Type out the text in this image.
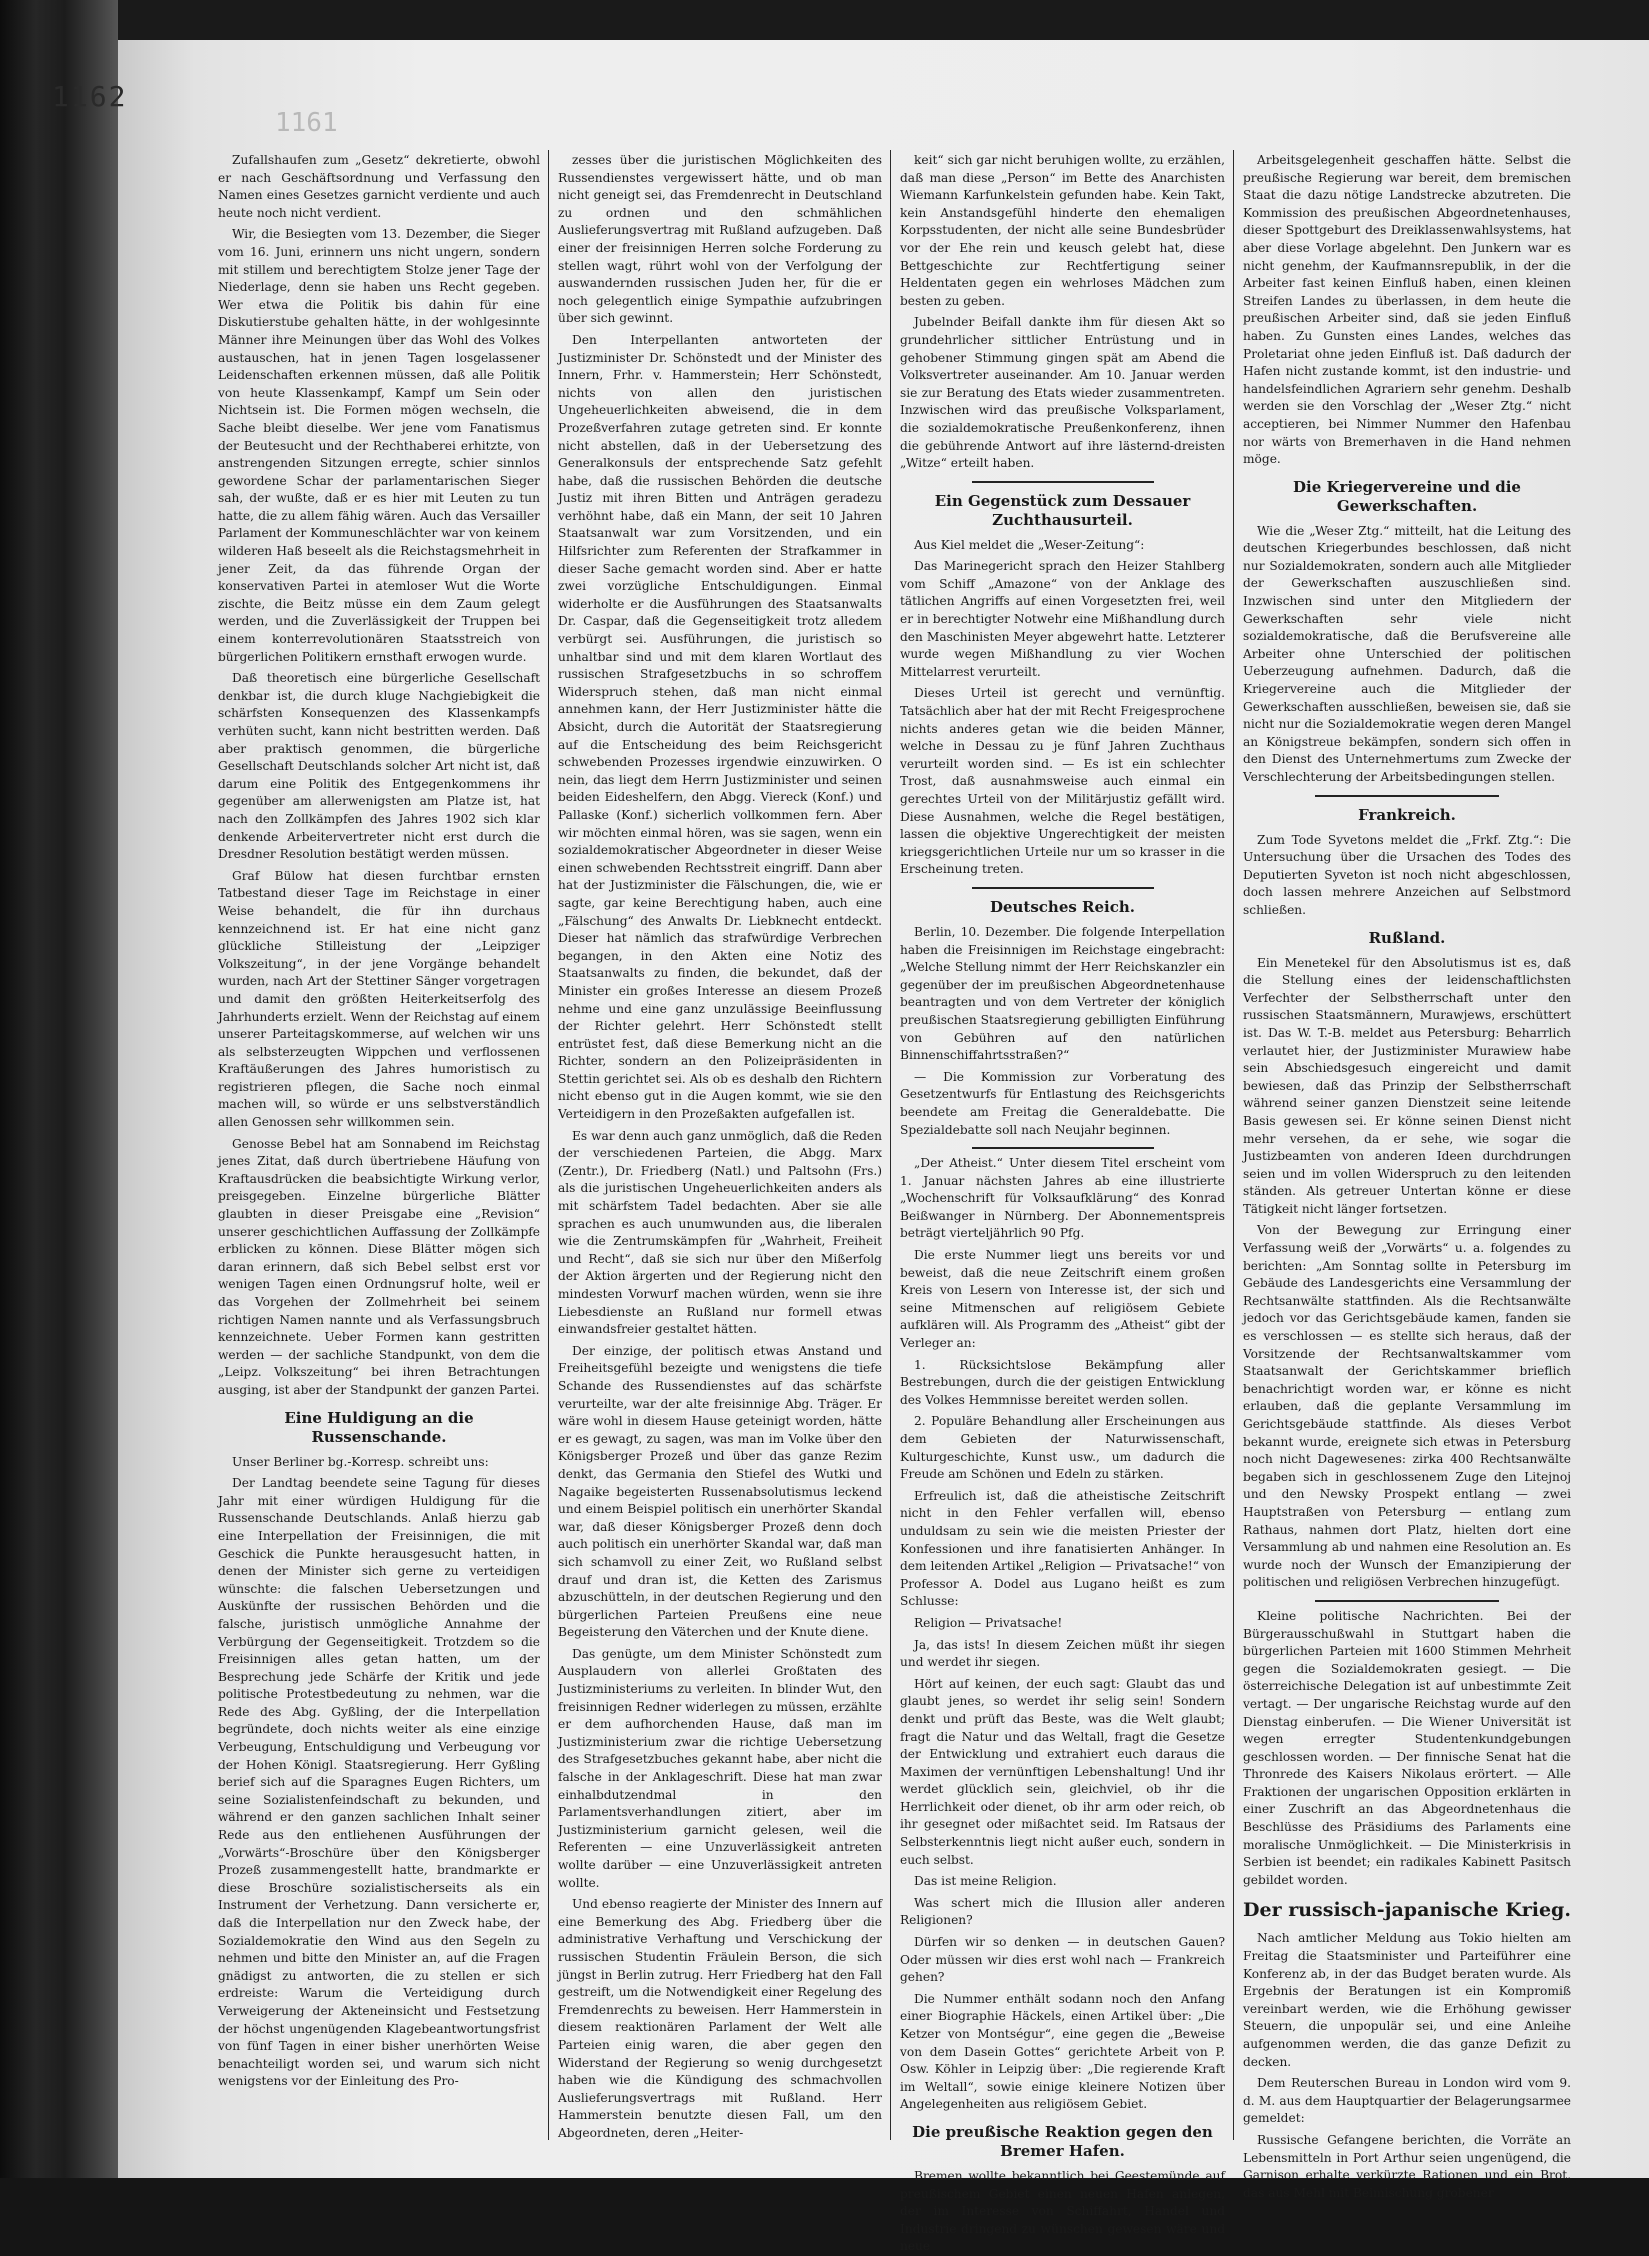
1162
1161

Zufallshaufen zum „Gesetz“ dekretierte, obwohl er nach Geschäftsordnung und Verfassung den Namen eines Gesetzes garnicht verdiente und auch heute noch nicht verdient.

Wir, die Besiegten vom 13. Dezember, die Sieger vom 16. Juni, erinnern uns nicht ungern, sondern mit stillem und berechtigtem Stolze jener Tage der Niederlage, denn sie haben uns Recht gegeben. Wer etwa die Politik bis dahin für eine Diskutierstube gehalten hätte, in der wohlgesinnte Männer ihre Meinungen über das Wohl des Volkes austauschen, hat in jenen Tagen losgelassener Leidenschaften erkennen müssen, daß alle Politik von heute Klassenkampf, Kampf um Sein oder Nichtsein ist. Die Formen mögen wechseln, die Sache bleibt dieselbe. Wer jene vom Fanatismus der Beutesucht und der Rechthaberei erhitzte, von anstrengenden Sitzungen erregte, schier sinnlos gewordene Schar der parlamentarischen Sieger sah, der wußte, daß er es hier mit Leuten zu tun hatte, die zu allem fähig wären. Auch das Versailler Parlament der Kommuneschlächter war von keinem wilderen Haß beseelt als die Reichstagsmehrheit in jener Zeit, da das führende Organ der konservativen Partei in atemloser Wut die Worte zischte, die Beitz müsse ein dem Zaum gelegt werden, und die Zuverlässigkeit der Truppen bei einem konterrevolutionären Staatsstreich von bürgerlichen Politikern ernsthaft erwogen wurde.

Daß theoretisch eine bürgerliche Gesellschaft denkbar ist, die durch kluge Nachgiebigkeit die schärfsten Konsequenzen des Klassenkampfs verhüten sucht, kann nicht bestritten werden. Daß aber praktisch genommen, die bürgerliche Gesellschaft Deutschlands solcher Art nicht ist, daß darum eine Politik des Entgegenkommens ihr gegenüber am allerwenigsten am Platze ist, hat nach den Zollkämpfen des Jahres 1902 sich klar denkende Arbeitervertreter nicht erst durch die Dresdner Resolution bestätigt werden müssen.

Graf Bülow hat diesen furchtbar ernsten Tatbestand dieser Tage im Reichstage in einer Weise behandelt, die für ihn durchaus kennzeichnend ist. Er hat eine nicht ganz glückliche Stilleistung der „Leipziger Volkszeitung“, in der jene Vorgänge behandelt wurden, nach Art der Stettiner Sänger vorgetragen und damit den größten Heiterkeitserfolg des Jahrhunderts erzielt. Wenn der Reichstag auf einem unserer Parteitagskommerse, auf welchen wir uns als selbsterzeugten Wippchen und verflossenen Kraftäußerungen des Jahres humoristisch zu registrieren pflegen, die Sache noch einmal machen will, so würde er uns selbstverständlich allen Genossen sehr willkommen sein.

Genosse Bebel hat am Sonnabend im Reichstag jenes Zitat, daß durch übertriebene Häufung von Kraftausdrücken die beabsichtigte Wirkung verlor, preisgegeben. Einzelne bürgerliche Blätter glaubten in dieser Preisgabe eine „Revision“ unserer geschichtlichen Auffassung der Zollkämpfe erblicken zu können. Diese Blätter mögen sich daran erinnern, daß sich Bebel selbst erst vor wenigen Tagen einen Ordnungsruf holte, weil er das Vorgehen der Zollmehrheit bei seinem richtigen Namen nannte und als Verfassungsbruch kennzeichnete. Ueber Formen kann gestritten werden — der sachliche Standpunkt, von dem die „Leipz. Volkszeitung“ bei ihren Betrachtungen ausging, ist aber der Standpunkt der ganzen Partei.

Eine Huldigung an die Russenschande.

Unser Berliner bg.-Korresp. schreibt uns:

Der Landtag beendete seine Tagung für dieses Jahr mit einer würdigen Huldigung für die Russenschande Deutschlands. Anlaß hierzu gab eine Interpellation der Freisinnigen, die mit Geschick die Punkte herausgesucht hatten, in denen der Minister sich gerne zu verteidigen wünschte: die falschen Uebersetzungen und Auskünfte der russischen Behörden und die falsche, juristisch unmögliche Annahme der Verbürgung der Gegenseitigkeit. Trotzdem so die Freisinnigen alles getan hatten, um der Besprechung jede Schärfe der Kritik und jede politische Protestbedeutung zu nehmen, war die Rede des Abg. Gyßling, der die Interpellation begründete, doch nichts weiter als eine einzige Verbeugung, Entschuldigung und Verbeugung vor der Hohen Königl. Staatsregierung. Herr Gyßling berief sich auf die Sparagnes Eugen Richters, um seine Sozialistenfeindschaft zu bekunden, und während er den ganzen sachlichen Inhalt seiner Rede aus den entliehenen Ausführungen der „Vorwärts“-Broschüre über den Königsberger Prozeß zusammengestellt hatte, brandmarkte er diese Broschüre sozialistischerseits als ein Instrument der Verhetzung. Dann versicherte er, daß die Interpellation nur den Zweck habe, der Sozialdemokratie den Wind aus den Segeln zu nehmen und bitte den Minister an, auf die Fragen gnädigst zu antworten, die zu stellen er sich erdreiste: Warum die Verteidigung durch Verweigerung der Akteneinsicht und Festsetzung der höchst ungenügenden Klagebeantwortungsfrist von fünf Tagen in einer bisher unerhörten Weise benachteiligt worden sei, und warum sich nicht wenigstens vor der Einleitung des Pro-

zesses über die juristischen Möglichkeiten des Russendienstes vergewissert hätte, und ob man nicht geneigt sei, das Fremdenrecht in Deutschland zu ordnen und den schmählichen Auslieferungsvertrag mit Rußland aufzugeben. Daß einer der freisinnigen Herren solche Forderung zu stellen wagt, rührt wohl von der Verfolgung der auswandernden russischen Juden her, für die er noch gelegentlich einige Sympathie aufzubringen über sich gewinnt.

Den Interpellanten antworteten der Justizminister Dr. Schönstedt und der Minister des Innern, Frhr. v. Hammerstein; Herr Schönstedt, nichts von allen den juristischen Ungeheuerlichkeiten abweisend, die in dem Prozeßverfahren zutage getreten sind. Er konnte nicht abstellen, daß in der Uebersetzung des Generalkonsuls der entsprechende Satz gefehlt habe, daß die russischen Behörden die deutsche Justiz mit ihren Bitten und Anträgen geradezu verhöhnt habe, daß ein Mann, der seit 10 Jahren Staatsanwalt war zum Vorsitzenden, und ein Hilfsrichter zum Referenten der Strafkammer in dieser Sache gemacht worden sind. Aber er hatte zwei vorzügliche Entschuldigungen. Einmal widerholte er die Ausführungen des Staatsanwalts Dr. Caspar, daß die Gegenseitigkeit trotz alledem verbürgt sei. Ausführungen, die juristisch so unhaltbar sind und mit dem klaren Wortlaut des russischen Strafgesetzbuchs in so schroffem Widerspruch stehen, daß man nicht einmal annehmen kann, der Herr Justizminister hätte die Absicht, durch die Autorität der Staatsregierung auf die Entscheidung des beim Reichsgericht schwebenden Prozesses irgendwie einzuwirken. O nein, das liegt dem Herrn Justizminister und seinen beiden Eideshelfern, den Abgg. Viereck (Konf.) und Pallaske (Konf.) sicherlich vollkommen fern. Aber wir möchten einmal hören, was sie sagen, wenn ein sozialdemokratischer Abgeordneter in dieser Weise einen schwebenden Rechtsstreit eingriff. Dann aber hat der Justizminister die Fälschungen, die, wie er sagte, gar keine Berechtigung haben, auch eine „Fälschung“ des Anwalts Dr. Liebknecht entdeckt. Dieser hat nämlich das strafwürdige Verbrechen begangen, in den Akten eine Notiz des Staatsanwalts zu finden, die bekundet, daß der Minister ein großes Interesse an diesem Prozeß nehme und eine ganz unzulässige Beeinflussung der Richter gelehrt. Herr Schönstedt stellt entrüstet fest, daß diese Bemerkung nicht an die Richter, sondern an den Polizeipräsidenten in Stettin gerichtet sei. Als ob es deshalb den Richtern nicht ebenso gut in die Augen kommt, wie sie den Verteidigern in den Prozeßakten aufgefallen ist.

Es war denn auch ganz unmöglich, daß die Reden der verschiedenen Parteien, die Abgg. Marx (Zentr.), Dr. Friedberg (Natl.) und Paltsohn (Frs.) als die juristischen Ungeheuerlichkeiten anders als mit schärfstem Tadel bedachten. Aber sie alle sprachen es auch unumwunden aus, die liberalen wie die Zentrumskämpfen für „Wahrheit, Freiheit und Recht“, daß sie sich nur über den Mißerfolg der Aktion ärgerten und der Regierung nicht den mindesten Vorwurf machen würden, wenn sie ihre Liebesdienste an Rußland nur formell etwas einwandsfreier gestaltet hätten.

Der einzige, der politisch etwas Anstand und Freiheitsgefühl bezeigte und wenigstens die tiefe Schande des Russendienstes auf das schärfste verurteilte, war der alte freisinnige Abg. Träger. Er wäre wohl in diesem Hause geteinigt worden, hätte er es gewagt, zu sagen, was man im Volke über den Königsberger Prozeß und über das ganze Rezim denkt, das Germania den Stiefel des Wutki und Nagaike begeisterten Russenabsolutismus leckend und einem Beispiel politisch ein unerhörter Skandal war, daß dieser Königsberger Prozeß denn doch auch politisch ein unerhörter Skandal war, daß man sich schamvoll zu einer Zeit, wo Rußland selbst drauf und dran ist, die Ketten des Zarismus abzuschütteln, in der deutschen Regierung und den bürgerlichen Parteien Preußens eine neue Begeisterung den Väterchen und der Knute diene.

Das genügte, um dem Minister Schönstedt zum Ausplaudern von allerlei Großtaten des Justizministeriums zu verleiten. In blinder Wut, den freisinnigen Redner widerlegen zu müssen, erzählte er dem aufhorchenden Hause, daß man im Justizministerium zwar die richtige Uebersetzung des Strafgesetzbuches gekannt habe, aber nicht die falsche in der Anklageschrift. Diese hat man zwar einhalbdutzendmal in den Parlamentsverhandlungen zitiert, aber im Justizministerium garnicht gelesen, weil die Referenten — eine Unzuverlässigkeit antreten wollte darüber — eine Unzuverlässigkeit antreten wollte.

Und ebenso reagierte der Minister des Innern auf eine Bemerkung des Abg. Friedberg über die administrative Verhaftung und Verschickung der russischen Studentin Fräulein Berson, die sich jüngst in Berlin zutrug. Herr Friedberg hat den Fall gestreift, um die Notwendigkeit einer Regelung des Fremdenrechts zu beweisen. Herr Hammerstein in diesem reaktionären Parlament der Welt alle Parteien einig waren, die aber gegen den Widerstand der Regierung so wenig durchgesetzt haben wie die Kündigung des schmachvollen Auslieferungsvertrags mit Rußland. Herr Hammerstein benutzte diesen Fall, um den Abgeordneten, deren „Heiter-

keit“ sich gar nicht beruhigen wollte, zu erzählen, daß man diese „Person“ im Bette des Anarchisten Wiemann Karfunkelstein gefunden habe. Kein Takt, kein Anstandsgefühl hinderte den ehemaligen Korpsstudenten, der nicht alle seine Bundesbrüder vor der Ehe rein und keusch gelebt hat, diese Bettgeschichte zur Rechtfertigung seiner Heldentaten gegen ein wehrloses Mädchen zum besten zu geben.

Jubelnder Beifall dankte ihm für diesen Akt so grundehrlicher sittlicher Entrüstung und in gehobener Stimmung gingen spät am Abend die Volksvertreter auseinander. Am 10. Januar werden sie zur Beratung des Etats wieder zusammentreten. Inzwischen wird das preußische Volksparlament, die sozialdemokratische Preußenkonferenz, ihnen die gebührende Antwort auf ihre lästernd-dreisten „Witze“ erteilt haben.

Ein Gegenstück zum Dessauer Zuchthausurteil.

Aus Kiel meldet die „Weser-Zeitung“:

Das Marinegericht sprach den Heizer Stahlberg vom Schiff „Amazone“ von der Anklage des tätlichen Angriffs auf einen Vorgesetzten frei, weil er in berechtigter Notwehr eine Mißhandlung durch den Maschinisten Meyer abgewehrt hatte. Letzterer wurde wegen Mißhandlung zu vier Wochen Mittelarrest verurteilt.

Dieses Urteil ist gerecht und vernünftig. Tatsächlich aber hat der mit Recht Freigesprochene nichts anderes getan wie die beiden Männer, welche in Dessau zu je fünf Jahren Zuchthaus verurteilt worden sind. — Es ist ein schlechter Trost, daß ausnahmsweise auch einmal ein gerechtes Urteil von der Militärjustiz gefällt wird. Diese Ausnahmen, welche die Regel bestätigen, lassen die objektive Ungerechtigkeit der meisten kriegsgerichtlichen Urteile nur um so krasser in die Erscheinung treten.

Deutsches Reich.

Berlin, 10. Dezember. Die folgende Interpellation haben die Freisinnigen im Reichstage eingebracht: „Welche Stellung nimmt der Herr Reichskanzler ein gegenüber der im preußischen Abgeordnetenhause beantragten und von dem Vertreter der königlich preußischen Staatsregierung gebilligten Einführung von Gebühren auf den natürlichen Binnenschiffahrtsstraßen?“

— Die Kommission zur Vorberatung des Gesetzentwurfs für Entlastung des Reichsgerichts beendete am Freitag die Generaldebatte. Die Spezialdebatte soll nach Neujahr beginnen.

„Der Atheist.“ Unter diesem Titel erscheint vom 1. Januar nächsten Jahres ab eine illustrierte „Wochenschrift für Volksaufklärung“ des Konrad Beißwanger in Nürnberg. Der Abonnementspreis beträgt vierteljährlich 90 Pfg.

Die erste Nummer liegt uns bereits vor und beweist, daß die neue Zeitschrift einem großen Kreis von Lesern von Interesse ist, der sich und seine Mitmenschen auf religiösem Gebiete aufklären will. Als Programm des „Atheist“ gibt der Verleger an:

1. Rücksichtslose Bekämpfung aller Bestrebungen, durch die der geistigen Entwicklung des Volkes Hemmnisse bereitet werden sollen.

2. Populäre Behandlung aller Erscheinungen aus dem Gebieten der Naturwissenschaft, Kulturgeschichte, Kunst usw., um dadurch die Freude am Schönen und Edeln zu stärken.

Erfreulich ist, daß die atheistische Zeitschrift nicht in den Fehler verfallen will, ebenso unduldsam zu sein wie die meisten Priester der Konfessionen und ihre fanatisierten Anhänger. In dem leitenden Artikel „Religion — Privatsache!“ von Professor A. Dodel aus Lugano heißt es zum Schlusse:

Religion — Privatsache!

Ja, das ists! In diesem Zeichen müßt ihr siegen und werdet ihr siegen.

Hört auf keinen, der euch sagt: Glaubt das und glaubt jenes, so werdet ihr selig sein! Sondern denkt und prüft das Beste, was die Welt glaubt; fragt die Natur und das Weltall, fragt die Gesetze der Entwicklung und extrahiert euch daraus die Maximen der vernünftigen Lebenshaltung! Und ihr werdet glücklich sein, gleichviel, ob ihr die Herrlichkeit oder dienet, ob ihr arm oder reich, ob ihr gesegnet oder mißachtet seid. Im Ratsaus der Selbsterkenntnis liegt nicht außer euch, sondern in euch selbst.

Das ist meine Religion.

Was schert mich die Illusion aller anderen Religionen?

Dürfen wir so denken — in deutschen Gauen? Oder müssen wir dies erst wohl nach — Frankreich gehen?

Die Nummer enthält sodann noch den Anfang einer Biographie Häckels, einen Artikel über: „Die Ketzer von Montségur“, eine gegen die „Beweise von dem Dasein Gottes“ gerichtete Arbeit von P. Osw. Köhler in Leipzig über: „Die regierende Kraft im Weltall“, sowie einige kleinere Notizen über Angelegenheiten aus religiösem Gebiet.

Die preußische Reaktion gegen den Bremer Hafen.

Bremen wollte bekanntlich bei Geestemünde auf preußischem Gebiet einen neuen Hafen anlegen, der im Interesse von Schiffahrt, Handel und Industrie dringend zu wünschen gewesen wäre und neue

Arbeitsgelegenheit geschaffen hätte. Selbst die preußische Regierung war bereit, dem bremischen Staat die dazu nötige Landstrecke abzutreten. Die Kommission des preußischen Abgeordnetenhauses, dieser Spottgeburt des Dreiklassenwahlsystems, hat aber diese Vorlage abgelehnt. Den Junkern war es nicht genehm, der Kaufmannsrepublik, in der die Arbeiter fast keinen Einfluß haben, einen kleinen Streifen Landes zu überlassen, in dem heute die preußischen Arbeiter sind, daß sie jeden Einfluß haben. Zu Gunsten eines Landes, welches das Proletariat ohne jeden Einfluß ist. Daß dadurch der Hafen nicht zustande kommt, ist den industrie- und handelsfeindlichen Agrariern sehr genehm. Deshalb werden sie den Vorschlag der „Weser Ztg.“ nicht acceptieren, bei Nimmer Nummer den Hafenbau nor wärts von Bremerhaven in die Hand nehmen möge.

Die Kriegervereine und die Gewerkschaften.

Wie die „Weser Ztg.“ mitteilt, hat die Leitung des deutschen Kriegerbundes beschlossen, daß nicht nur Sozialdemokraten, sondern auch alle Mitglieder der Gewerkschaften auszuschließen sind. Inzwischen sind unter den Mitgliedern der Gewerkschaften sehr viele nicht sozialdemokratische, daß die Berufsvereine alle Arbeiter ohne Unterschied der politischen Ueberzeugung aufnehmen. Dadurch, daß die Kriegervereine auch die Mitglieder der Gewerkschaften ausschließen, beweisen sie, daß sie nicht nur die Sozialdemokratie wegen deren Mangel an Königstreue bekämpfen, sondern sich offen in den Dienst des Unternehmertums zum Zwecke der Verschlechterung der Arbeitsbedingungen stellen.

Frankreich.

Zum Tode Syvetons meldet die „Frkf. Ztg.“: Die Untersuchung über die Ursachen des Todes des Deputierten Syveton ist noch nicht abgeschlossen, doch lassen mehrere Anzeichen auf Selbstmord schließen.

Rußland.

Ein Menetekel für den Absolutismus ist es, daß die Stellung eines der leidenschaftlichsten Verfechter der Selbstherrschaft unter den russischen Staatsmännern, Murawjews, erschüttert ist. Das W. T.-B. meldet aus Petersburg: Beharrlich verlautet hier, der Justizminister Murawiew habe sein Abschiedsgesuch eingereicht und damit bewiesen, daß das Prinzip der Selbstherrschaft während seiner ganzen Dienstzeit seine leitende Basis gewesen sei. Er könne seinen Dienst nicht mehr versehen, da er sehe, wie sogar die Justizbeamten von anderen Ideen durchdrungen seien und im vollen Widerspruch zu den leitenden ständen. Als getreuer Untertan könne er diese Tätigkeit nicht länger fortsetzen.

Von der Bewegung zur Erringung einer Verfassung weiß der „Vorwärts“ u. a. folgendes zu berichten: „Am Sonntag sollte in Petersburg im Gebäude des Landesgerichts eine Versammlung der Rechtsanwälte stattfinden. Als die Rechtsanwälte jedoch vor das Gerichtsgebäude kamen, fanden sie es verschlossen — es stellte sich heraus, daß der Vorsitzende der Rechtsanwaltskammer vom Staatsanwalt der Gerichtskammer brieflich benachrichtigt worden war, er könne es nicht erlauben, daß die geplante Versammlung im Gerichtsgebäude stattfinde. Als dieses Verbot bekannt wurde, ereignete sich etwas in Petersburg noch nicht Dagewesenes: zirka 400 Rechtsanwälte begaben sich in geschlossenem Zuge den Litejnoj und den Newsky Prospekt entlang — zwei Hauptstraßen von Petersburg — entlang zum Rathaus, nahmen dort Platz, hielten dort eine Versammlung ab und nahmen eine Resolution an. Es wurde noch der Wunsch der Emanzipierung der politischen und religiösen Verbrechen hinzugefügt.

Kleine politische Nachrichten. Bei der Bürgerausschußwahl in Stuttgart haben die bürgerlichen Parteien mit 1600 Stimmen Mehrheit gegen die Sozialdemokraten gesiegt. — Die österreichische Delegation ist auf unbestimmte Zeit vertagt. — Der ungarische Reichstag wurde auf den Dienstag einberufen. — Die Wiener Universität ist wegen erregter Studentenkundgebungen geschlossen worden. — Der finnische Senat hat die Thronrede des Kaisers Nikolaus erörtert. — Alle Fraktionen der ungarischen Opposition erklärten in einer Zuschrift an das Abgeordnetenhaus die Beschlüsse des Präsidiums des Parlaments eine moralische Unmöglichkeit. — Die Ministerkrisis in Serbien ist beendet; ein radikales Kabinett Pasitsch gebildet worden.

Der russisch-japanische Krieg.

Nach amtlicher Meldung aus Tokio hielten am Freitag die Staatsminister und Parteiführer eine Konferenz ab, in der das Budget beraten wurde. Als Ergebnis der Beratungen ist ein Kompromiß vereinbart werden, wie die Erhöhung gewisser Steuern, die unpopulär sei, und eine Anleihe aufgenommen werden, die das ganze Defizit zu decken.

Dem Reuterschen Bureau in London wird vom 9. d. M. aus dem Hauptquartier der Belagerungsarmee gemeldet:

Russische Gefangene berichten, die Vorräte an Lebensmitteln in Port Arthur seien ungenügend, die Garnison erhalte verkürzte Rationen und ein Brot, das aus Mehl mit Beimischung grobener
